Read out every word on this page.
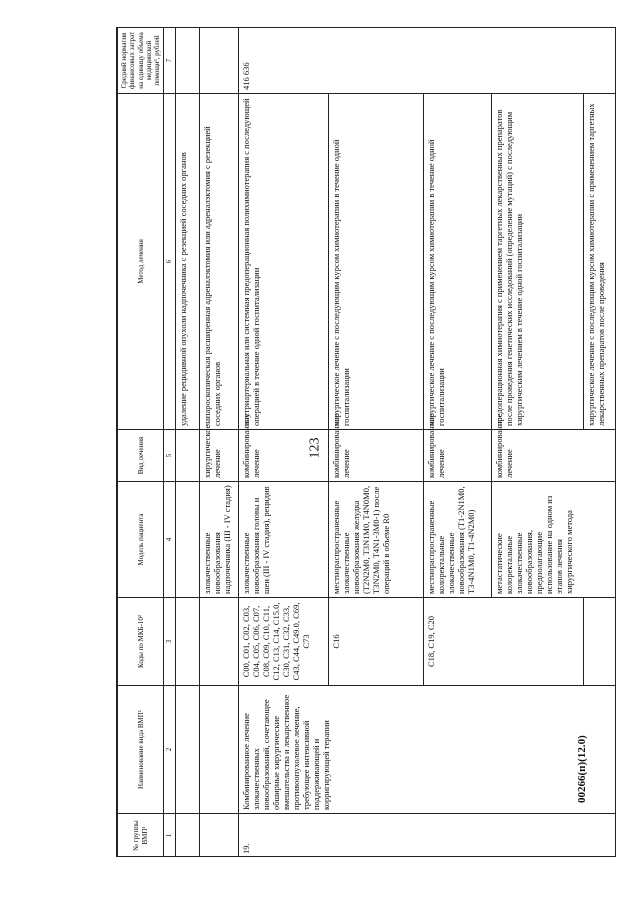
123
№ группы ВМП¹	Наименование вида ВМП¹	Коды по МКБ-10²	Модель пациента	Вид лечения	Метод лечения	Средний норматив финансовых затрат на единицу объема медицинской помощи³, рублей
1	2	3	4	5	6	7
					удаление рецидивной опухоли надпочечника с резекцией соседних органов	
			злокачественные новообразования надпочечника (III - IV стадия)	хирургическое лечение	лапароскопическая расширенная адреналэктомия или адреналэктомия с резекцией соседних органов	
19.	Комбинированное лечение злокачественных новообразований, сочетающее обширные хирургические вмешательства и лекарственное противоопухолевое лечение, требующее интенсивной поддерживающей и корригирующей терапии	C00, C01, C02, C03, C04, C05, C06, C07, C08, C09, C10, C11, C12, C13, C14, C15.0, C30, C31, C32, C33, C43, C44, C49.0, C69, C73	злокачественные новообразования головы и шеи (III - IV стадия), рецидив	комбинированное лечение	внутриартериальная или системная предоперационная полихимиотерапия с последующей операцией в течение одной госпитализации	416 636
		C16	местнораспространенные злокачественные новообразования желудка (T2N2M0, T3N1M0, T4N0M0, T3N2M0, T4N1-3M0-1) после операций в объеме R0	комбинированное лечение	хирургическое лечение с последующим курсом химиотерапии в течение одной госпитализации	
		C18, C19, C20	местнораспространенные колоректальные злокачественные новообразования (T1-2N1M0, T3-4N1M0, T1-4N2M0)	комбинированное лечение	хирургическое лечение с последующим курсом химиотерапии в течение одной госпитализации	
			метастатические колоректальные злокачественные новообразования, предполагающие использование на одном из этапов лечения хирургического метода	комбинированное лечение	предоперационная химиотерапия с применением таргетных лекарственных препаратов после проведения генетических исследований (определение мутаций) с последующим хирургическим лечением в течение одной госпитализации	
					хирургическое лечение с последующим курсом химиотерапии с применением таргетных лекарственных препаратов после проведения	
00266(п)(12.0)
